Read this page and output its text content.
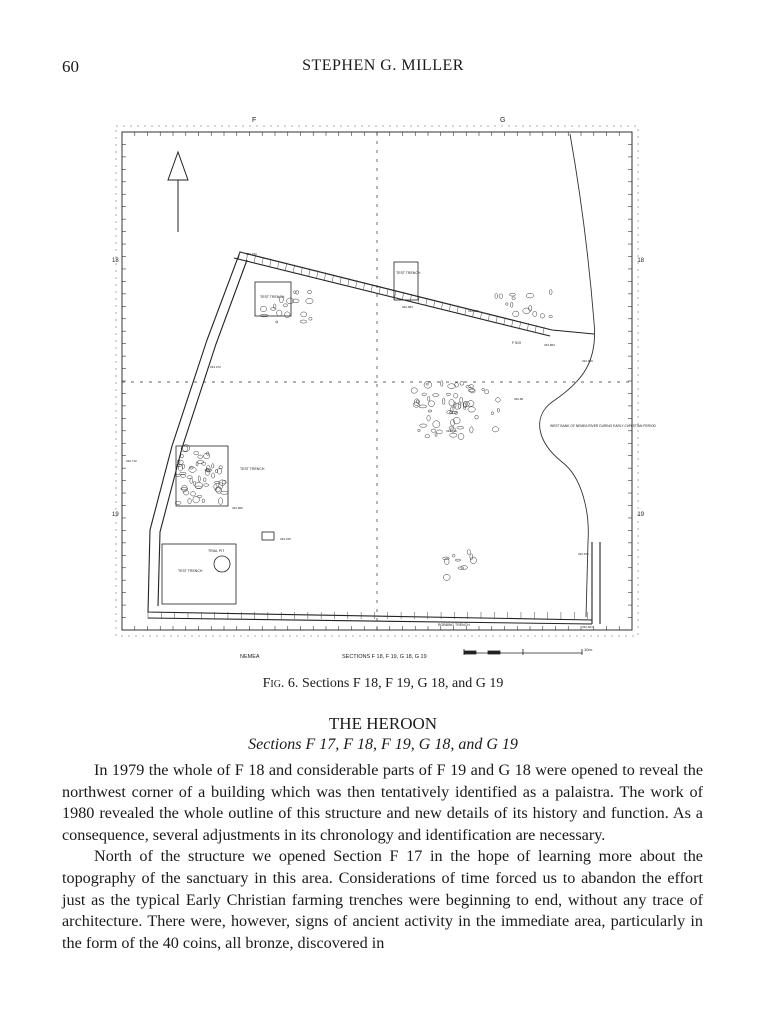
60	STEPHEN G. MILLER
F	G
18	18
19	19
TEST TRENCH
TEST TRENCH
TEST TRENCH
TEST TRENCH
TRIAL PIT
ROBBING TRENCH
WEST BANK OF NEMEA RIVER DURING EARLY CHRISTIAN PERIOD
F 519
332.970
332.887
332.984
333.272
332.712
332.929
332.80
332.966
333.315
332.726
332.864
332.971
332.604
NEMEA	SECTIONS F 18, F 19, G 18, G 19
10m.
Fig. 6. Sections F 18, F 19, G 18, and G 19
THE HEROON
Sections F 17, F 18, F 19, G 18, and G 19

In 1979 the whole of F 18 and considerable parts of F 19 and G 18 were opened to reveal the northwest corner of a building which was then tentatively identified as a palaistra. The work of 1980 revealed the whole outline of this structure and new details of its history and function. As a consequence, several adjustments in its chronology and identification are necessary.

North of the structure we opened Section F 17 in the hope of learning more about the topography of the sanctuary in this area. Considerations of time forced us to abandon the effort just as the typical Early Christian farming trenches were beginning to end, without any trace of architecture. There were, however, signs of ancient activity in the immediate area, particularly in the form of the 40 coins, all bronze, discovered in
